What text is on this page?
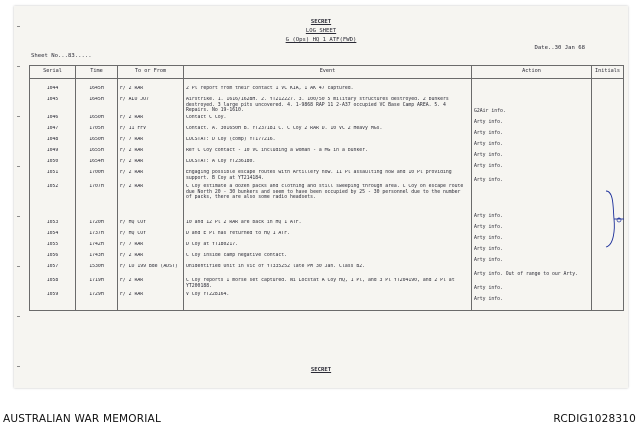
SECRET
LOG SHEET
G (Ops) HQ 1 ATF(FWD)
Sheet No...83.....
Date..30 Jan 68
Serial	Time	To or From	Event	Action	Initials

1044	1645H	F/ 2 RAR	2 Pl report from their contact 1 VC KIA, 1 AK 47 captured.		
1045	1645H	F/ ALO JO7	Airstrike. 1. 1616/1628H. 2. YT212227. 3. 100/50 5 military structures destroyed. 2 bunkers destroyed. 3 large pits uncovered. 4. 1-9868 RAP 11 2-A37 occupied VC Base Camp AREA. 5. 4 Repairs. No 19-1610.	G2Air info.	
1046	1650H	F/ 2 RAR	Contact C Coy.	Arty info.	
1047	1705H	F/ 11 FFV	Contact. A. 301650H B. YT237181 C. C Coy 2 RAR D. 10 VC 2 Heavy MGs.	Arty info.	
1048	1650H	F/ 7 RAR	LOCSTAT: D Coy (comp) YT177216.	Arty info.	
1049	1655H	F/ 2 RAR	Ref C Coy contact - 10 VC including a woman - a MG in a bunker.	Arty info.	
1050	1654H	F/ 2 RAR	LOCSTAT: A Coy YT236180.	Arty info.	
1051	1700H	F/ 2 RAR	Engaging possible escape routes with Artillery now. 11 Pl assaulting now and 10 Pl providing support. B Coy at YT214184.	Arty info.	
1052	1707H	F/ 2 RAR	C Coy estimate a dozen packs and clothing and still sweeping through area. C Coy on escape route due North 20 - 30 bunkers and seem to have been occupied by 25 - 30 personnel due to the number of packs, there are also some radio headsets.	Arty info.	
1053	1720H	F/ HQ COY	10 and 12 Pl 2 RAR are back in HQ 1 ATF.	Arty info.	
1054	1737H	F/ HQ COY	D and E Pl has returned to HQ 1 ATF.	Arty info.	
1055	1742H	F/ 7 RAR	D Coy at YT180217.	Arty info.	
1056	1743H	F/ 2 RAR	C Coy inside camp negative contact.	Arty info.	
1057	1530H	F/ LO 199 Bde (ADST)	Unidentified Unit in vic of YT335252 late PM 30 Jan. Class B2.	Arty info. Out of range to our Arty.	
1058	1719H	F/ 2 RAR	C Coy reports 1 morse set captured. Ni Locstat A Coy HQ, 1 Pl, and 3 Pl YT204190, and 2 Pl at YT200188.	Arty info.	
1059	1729H	F/ 2 RAR	V Coy YT228164.	Arty info.	

SECRET
AUSTRALIAN WAR MEMORIAL	RCDIG1028310
